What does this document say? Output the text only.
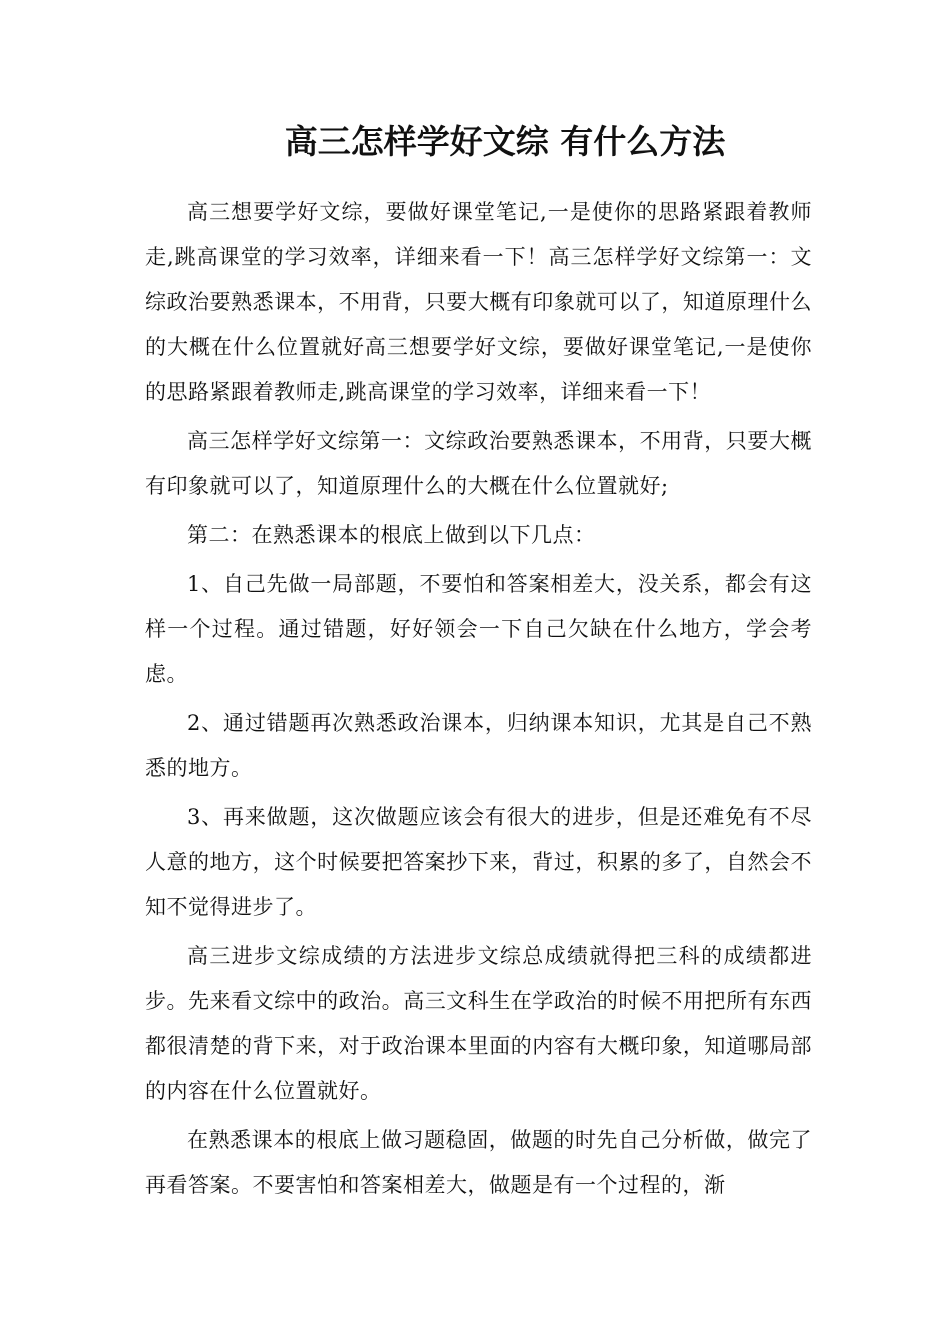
高三怎样学好文综 有什么方法

高三想要学好文综，要做好课堂笔记,一是使你的思路紧跟着教师走,跳高课堂的学习效率，详细来看一下！高三怎样学好文综第一：文综政治要熟悉课本，不用背，只要大概有印象就可以了，知道原理什么的大概在什么位置就好高三想要学好文综，要做好课堂笔记,一是使你的思路紧跟着教师走,跳高课堂的学习效率，详细来看一下！

高三怎样学好文综第一：文综政治要熟悉课本，不用背，只要大概有印象就可以了，知道原理什么的大概在什么位置就好;

第二：在熟悉课本的根底上做到以下几点：

1、自己先做一局部题，不要怕和答案相差大，没关系，都会有这样一个过程。通过错题，好好领会一下自己欠缺在什么地方，学会考虑。

2、通过错题再次熟悉政治课本，归纳课本知识，尤其是自己不熟悉的地方。

3、再来做题，这次做题应该会有很大的进步，但是还难免有不尽人意的地方，这个时候要把答案抄下来，背过，积累的多了，自然会不知不觉得进步了。

高三进步文综成绩的方法进步文综总成绩就得把三科的成绩都进步。先来看文综中的政治。高三文科生在学政治的时候不用把所有东西都很清楚的背下来，对于政治课本里面的内容有大概印象，知道哪局部的内容在什么位置就好。

在熟悉课本的根底上做习题稳固，做题的时先自己分析做，做完了再看答案。不要害怕和答案相差大，做题是有一个过程的，渐
